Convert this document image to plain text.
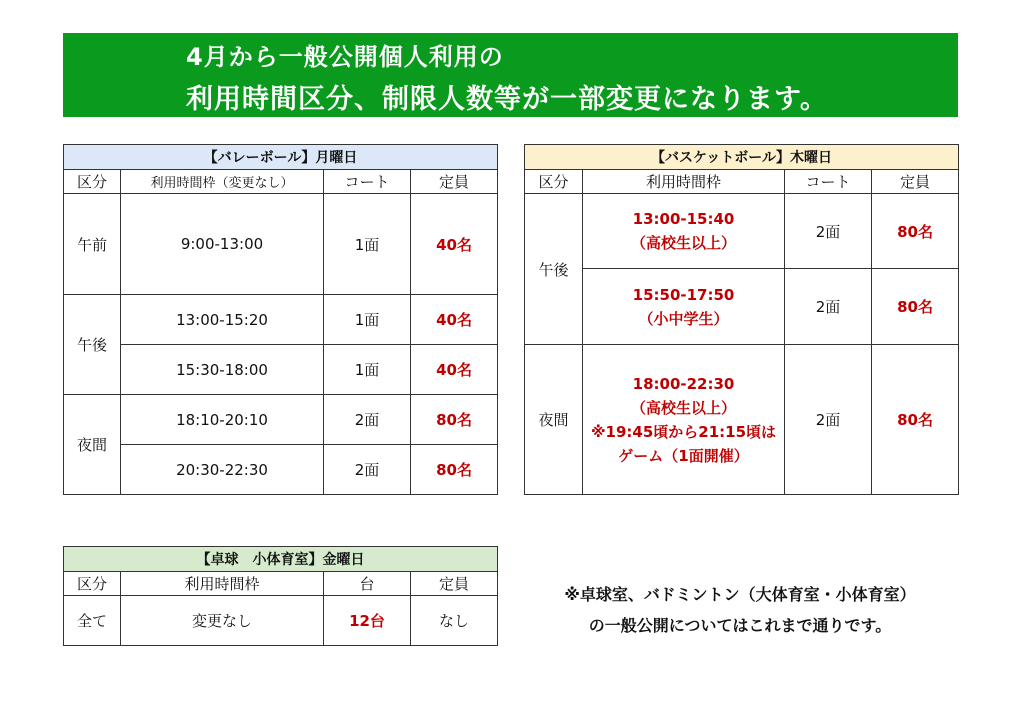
4月から一般公開個人利用の
利用時間区分、制限人数等が一部変更になります。
【バレーボール】月曜日			
区分	利用時間枠（変更なし）	コート	定員
午前	9:00-13:00	1面	40名
午後	13:00-15:20	1面	40名
	15:30-18:00	1面	40名
夜間	18:10-20:10	2面	80名
	20:30-22:30	2面	80名
【バスケットボール】木曜日			
区分	利用時間枠	コート	定員
午後	13:00-15:40
（高校生以上）	2面	80名

	15:50-17:50
（小中学生）	2面	80名
夜間	18:00-22:30
（高校生以上）
※19:45頃から21:15頃は
ゲーム（1面開催）	2面	80名
【卓球　小体育室】金曜日			
区分	利用時間枠	台	定員
全て	変更なし	12台	なし
※卓球室、バドミントン（大体育室・小体育室）
の一般公開についてはこれまで通りです。
